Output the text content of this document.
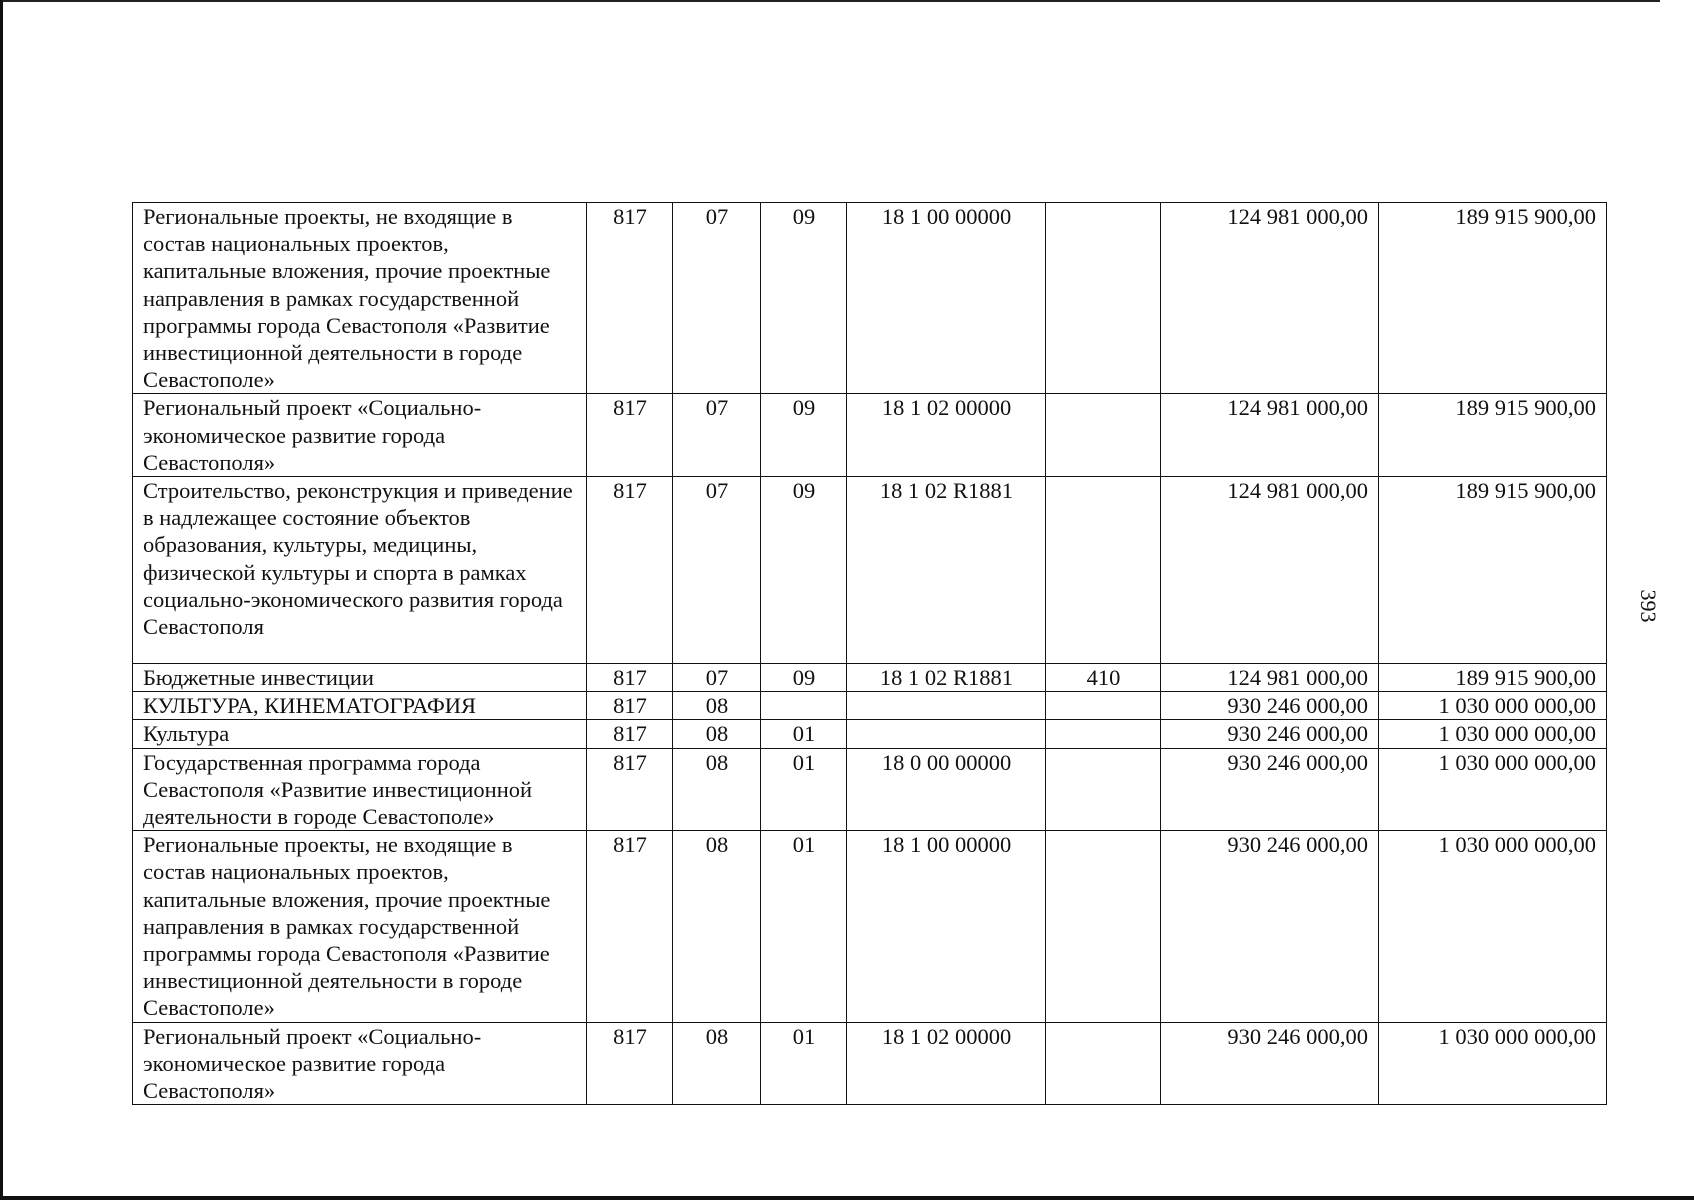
393
Региональные проекты, не входящие в состав национальных проектов, капитальные вложения, прочие проектные направления в рамках государственной программы города Севастополя «Развитие инвестиционной деятельности в городе Севастополе»	817	07	09	18 1 00 00000		124 981 000,00	189 915 900,00
Региональный проект «Социально-экономическое развитие города Севастополя»	817	07	09	18 1 02 00000		124 981 000,00	189 915 900,00
Строительство, реконструкция и приведение в надлежащее состояние объектов образования, культуры, медицины, физической культуры и спорта в рамках социально-экономического развития города Севастополя	817	07	09	18 1 02 R1881		124 981 000,00	189 915 900,00
Бюджетные инвестиции	817	07	09	18 1 02 R1881	410	124 981 000,00	189 915 900,00
КУЛЬТУРА, КИНЕМАТОГРАФИЯ	817	08				930 246 000,00	1 030 000 000,00
Культура	817	08	01			930 246 000,00	1 030 000 000,00
Государственная программа города Севастополя «Развитие инвестиционной деятельности в городе Севастополе»	817	08	01	18 0 00 00000		930 246 000,00	1 030 000 000,00
Региональные проекты, не входящие в состав национальных проектов, капитальные вложения, прочие проектные направления в рамках государственной программы города Севастополя «Развитие инвестиционной деятельности в городе Севастополе»	817	08	01	18 1 00 00000		930 246 000,00	1 030 000 000,00
Региональный проект «Социально-экономическое развитие города Севастополя»	817	08	01	18 1 02 00000		930 246 000,00	1 030 000 000,00
